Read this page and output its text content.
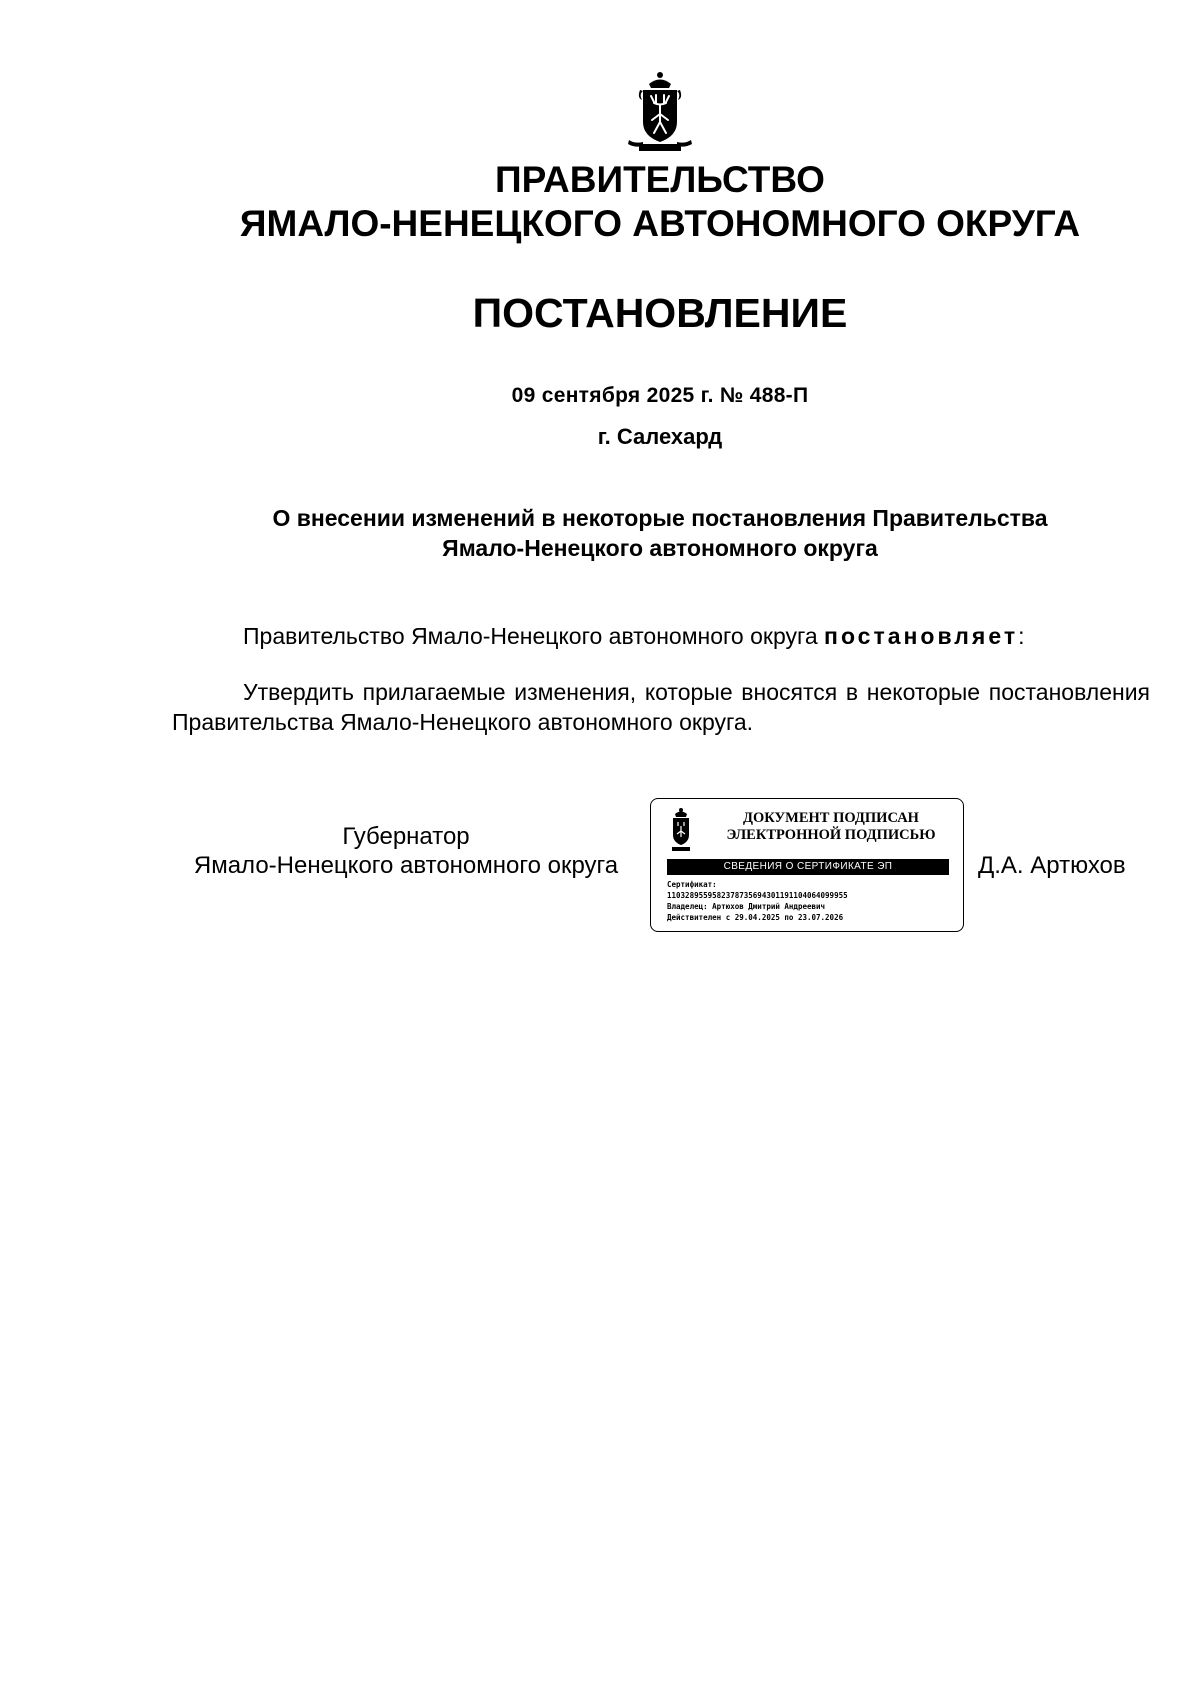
ПРАВИТЕЛЬСТВО
ЯМАЛО-НЕНЕЦКОГО АВТОНОМНОГО ОКРУГА
ПОСТАНОВЛЕНИЕ
09 сентября 2025 г. № 488-П
г. Салехард
О внесении изменений в некоторые постановления Правительства
Ямало-Ненецкого автономного округа

Правительство Ямало-Ненецкого автономного округа постановляет:

Утвердить прилагаемые изменения, которые вносятся в некоторые постановления Правительства Ямало-Ненецкого автономного округа.

Губернатор
Ямало-Ненецкого автономного округа
ДОКУМЕНТ ПОДПИСАН
ЭЛЕКТРОННОЙ ПОДПИСЬЮ
СВЕДЕНИЯ О СЕРТИФИКАТЕ ЭП
Сертификат:
1103289559582378735694301191104064099955
Владелец: Артюхов Дмитрий Андреевич
Действителен с 29.04.2025 по 23.07.2026
Д.А. Артюхов
